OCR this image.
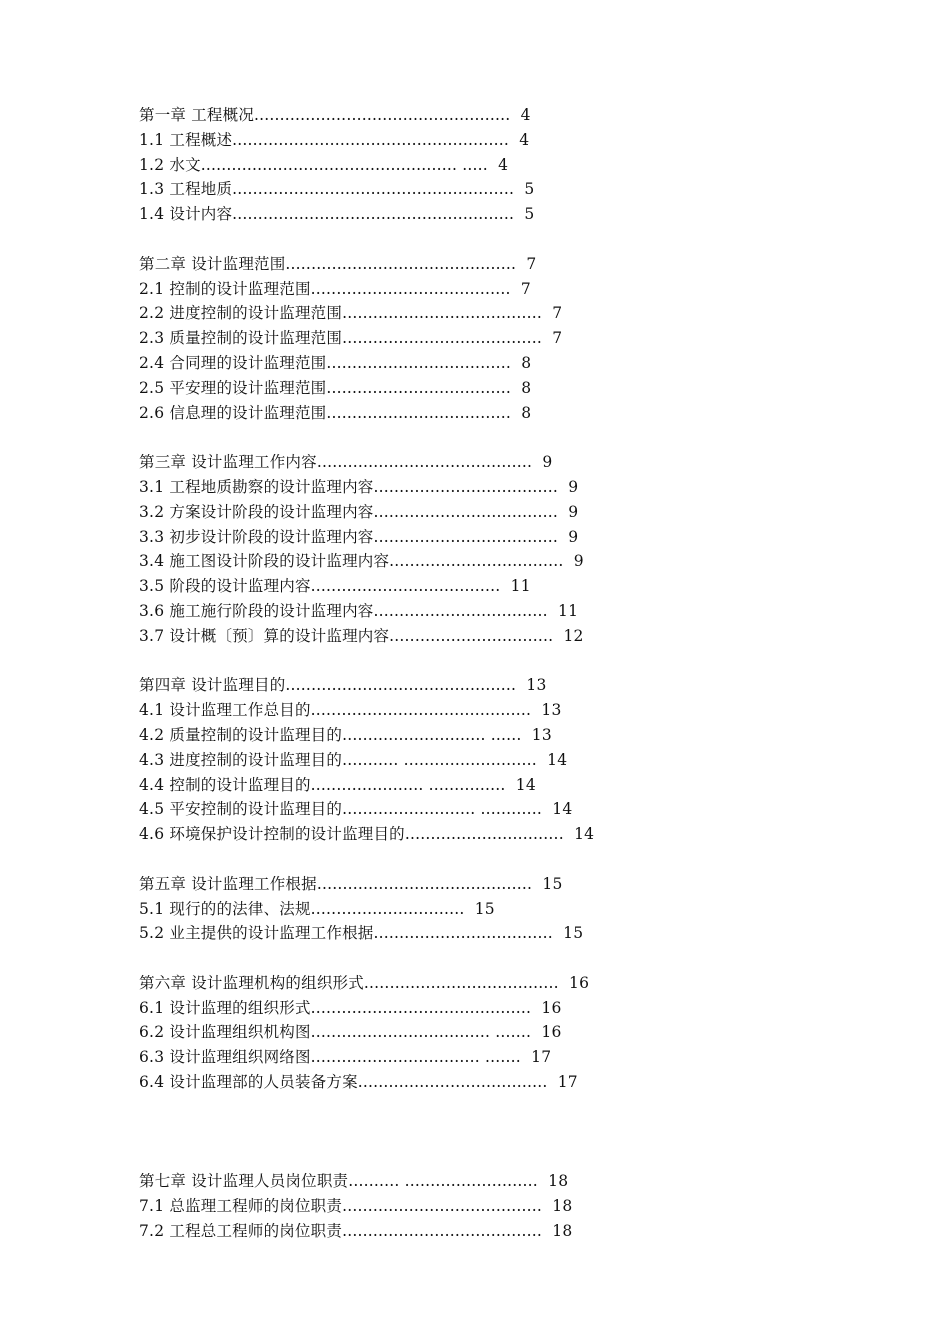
第一章 工程概况..................................................  4
1.1 工程概述......................................................  4
1.2 水文.................................................. .....  4
1.3 工程地质.......................................................  5
1.4 设计内容.......................................................  5
第二章 设计监理范围.............................................  7
2.1 控制的设计监理范围.......................................  7
2.2 进度控制的设计监理范围.......................................  7
2.3 质量控制的设计监理范围.......................................  7
2.4 合同理的设计监理范围....................................  8
2.5 平安理的设计监理范围....................................  8
2.6 信息理的设计监理范围....................................  8
第三章 设计监理工作内容..........................................  9
3.1 工程地质勘察的设计监理内容....................................  9
3.2 方案设计阶段的设计监理内容....................................  9
3.3 初步设计阶段的设计监理内容....................................  9
3.4 施工图设计阶段的设计监理内容..................................  9
3.5 阶段的设计监理内容.....................................  11
3.6 施工施行阶段的设计监理内容..................................  11
3.7 设计概〔预〕算的设计监理内容................................  12
第四章 设计监理目的.............................................  13
4.1 设计监理工作总目的...........................................  13
4.2 质量控制的设计监理目的............................ ......  13
4.3 进度控制的设计监理目的........... ..........................  14
4.4 控制的设计监理目的...................... ...............  14
4.5 平安控制的设计监理目的.......................... ............  14
4.6 环境保护设计控制的设计监理目的...............................  14
第五章 设计监理工作根据..........................................  15
5.1 现行的的法律、法规..............................  15
5.2 业主提供的设计监理工作根据...................................  15
第六章 设计监理机构的组织形式......................................  16
6.1 设计监理的组织形式...........................................  16
6.2 设计监理组织机构图................................... .......  16
6.3 设计监理组织网络图................................. .......  17
6.4 设计监理部的人员装备方案.....................................  17
第七章 设计监理人员岗位职责.......... ..........................  18
7.1 总监理工程师的岗位职责.......................................  18
7.2 工程总工程师的岗位职责.......................................  18
